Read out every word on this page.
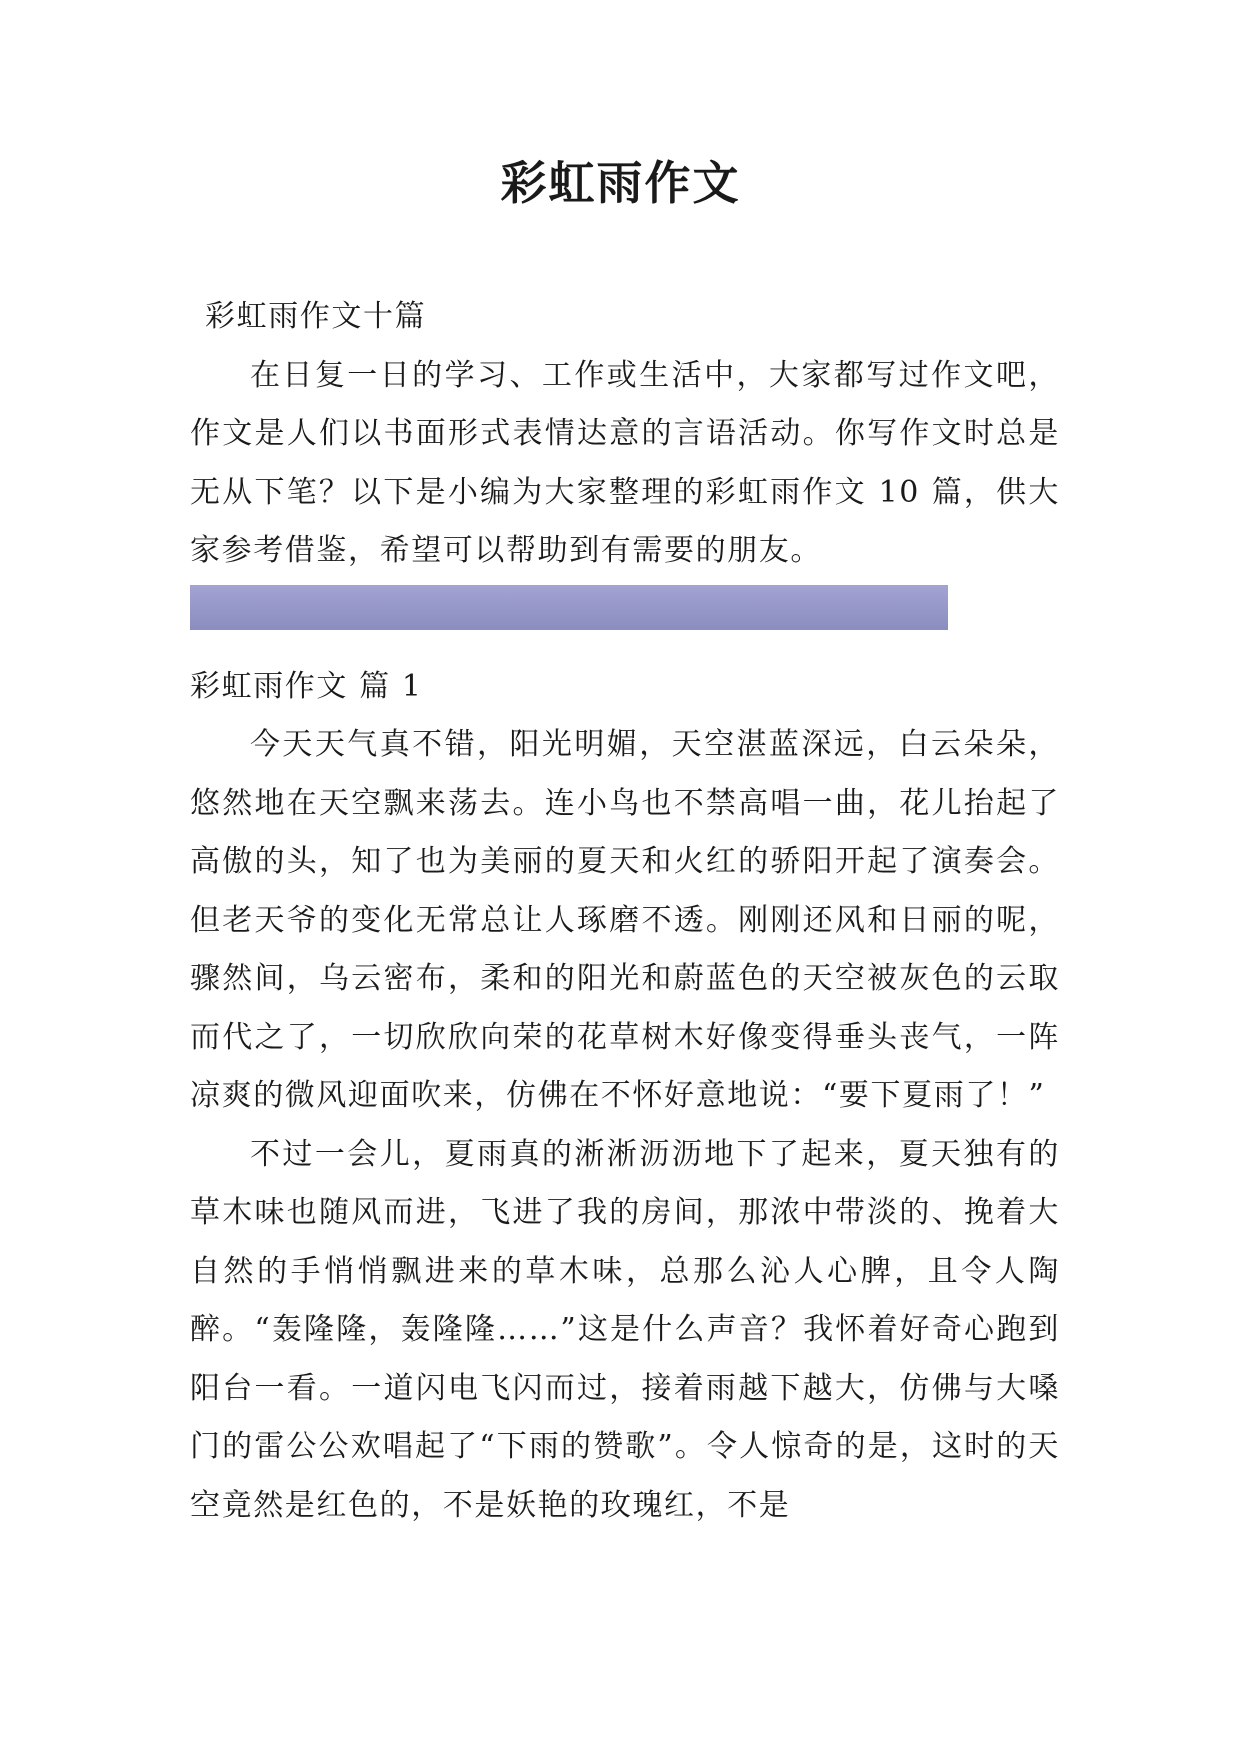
彩虹雨作文

彩虹雨作文十篇

在日复一日的学习、工作或生活中，大家都写过作文吧，作文是人们以书面形式表情达意的言语活动。你写作文时总是无从下笔？以下是小编为大家整理的彩虹雨作文 10 篇，供大家参考借鉴，希望可以帮助到有需要的朋友。

彩虹雨作文 篇 1

今天天气真不错，阳光明媚，天空湛蓝深远，白云朵朵，悠然地在天空飘来荡去。连小鸟也不禁高唱一曲，花儿抬起了高傲的头，知了也为美丽的夏天和火红的骄阳开起了演奏会。但老天爷的变化无常总让人琢磨不透。刚刚还风和日丽的呢，骤然间，乌云密布，柔和的阳光和蔚蓝色的天空被灰色的云取而代之了，一切欣欣向荣的花草树木好像变得垂头丧气，一阵凉爽的微风迎面吹来，仿佛在不怀好意地说：“要下夏雨了！”

不过一会儿，夏雨真的淅淅沥沥地下了起来，夏天独有的草木味也随风而进，飞进了我的房间，那浓中带淡的、挽着大自然的手悄悄飘进来的草木味，总那么沁人心脾，且令人陶醉。“轰隆隆，轰隆隆……”这是什么声音？我怀着好奇心跑到阳台一看。一道闪电飞闪而过，接着雨越下越大，仿佛与大嗓门的雷公公欢唱起了“下雨的赞歌”。令人惊奇的是，这时的天空竟然是红色的，不是妖艳的玫瑰红，不是
